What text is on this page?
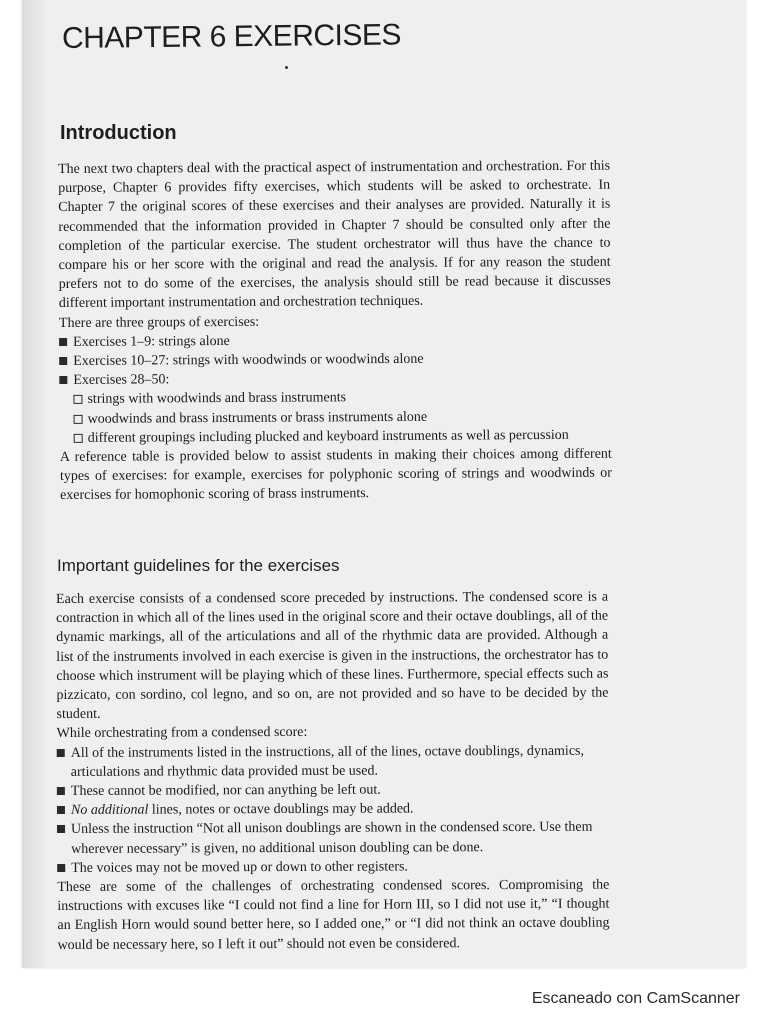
CHAPTER 6 EXERCISES
Introduction

The next two chapters deal with the practical aspect of instrumentation and orchestration. For this purpose, Chapter 6 provides fifty exercises, which students will be asked to orchestrate. In Chapter 7 the original scores of these exercises and their analyses are provided. Naturally it is recommended that the information provided in Chapter 7 should be consulted only after the completion of the particular exercise. The student orchestrator will thus have the chance to compare his or her score with the original and read the analysis. If for any reason the student prefers not to do some of the exercises, the analysis should still be read because it discusses different important instrumentation and orchestration techniques.

There are three groups of exercises:

Exercises 1–9: strings alone
Exercises 10–27: strings with woodwinds or woodwinds alone
Exercises 28–50:
strings with woodwinds and brass instruments
woodwinds and brass instruments or brass instruments alone
different groupings including plucked and keyboard instruments as well as percussion

A reference table is provided below to assist students in making their choices among different types of exercises: for example, exercises for polyphonic scoring of strings and woodwinds or exercises for homophonic scoring of brass instruments.

Important guidelines for the exercises

Each exercise consists of a condensed score preceded by instructions. The condensed score is a contraction in which all of the lines used in the original score and their octave doublings, all of the dynamic markings, all of the articulations and all of the rhythmic data are provided. Although a list of the instruments involved in each exercise is given in the instructions, the orchestrator has to choose which instrument will be playing which of these lines. Furthermore, special effects such as pizzicato, con sordino, col legno, and so on, are not provided and so have to be decided by the student.

While orchestrating from a condensed score:

All of the instruments listed in the instructions, all of the lines, octave doublings, dynamics, articulations and rhythmic data provided must be used.
These cannot be modified, nor can anything be left out.
No additional lines, notes or octave doublings may be added.
Unless the instruction “Not all unison doublings are shown in the condensed score. Use them wherever necessary” is given, no additional unison doubling can be done.
The voices may not be moved up or down to other registers.

These are some of the challenges of orchestrating condensed scores. Compromising the instructions with excuses like “I could not find a line for Horn III, so I did not use it,” “I thought an English Horn would sound better here, so I added one,” or “I did not think an octave doubling would be necessary here, so I left it out” should not even be considered.

Escaneado con CamScanner
